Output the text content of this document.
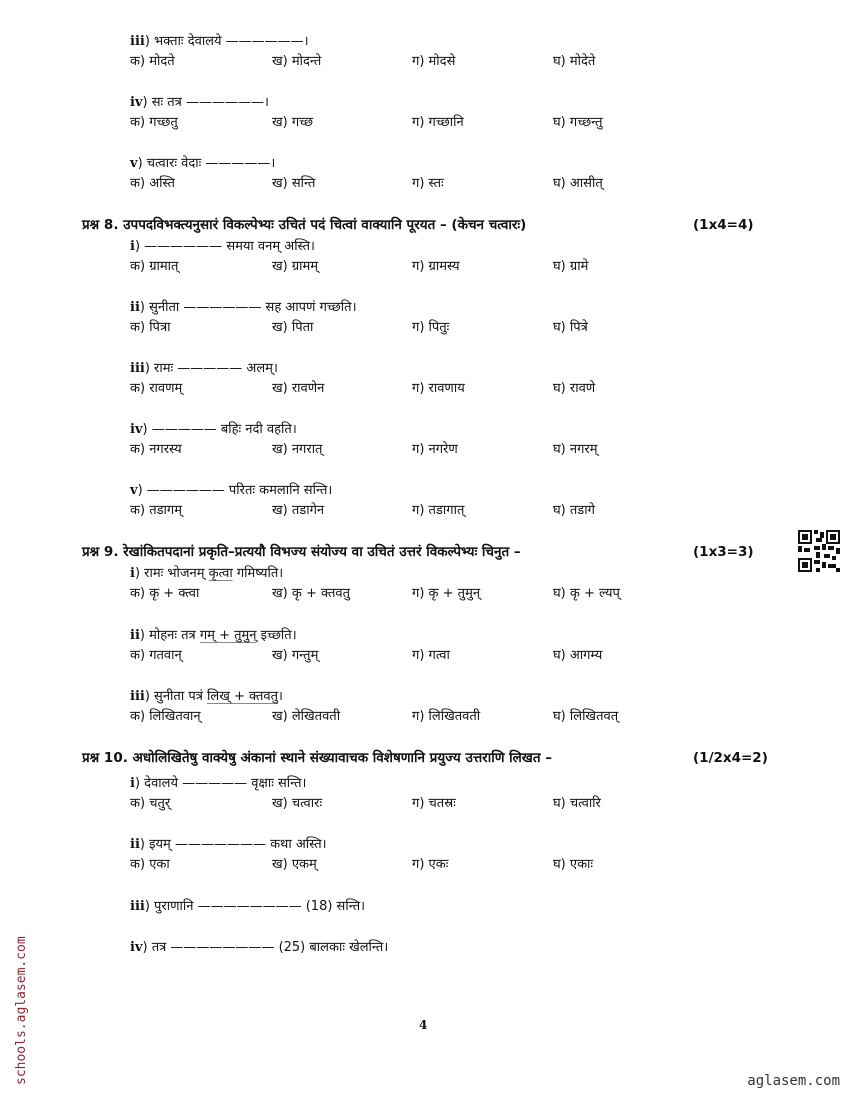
iii) भक्ताः देवालये ——————।
क) मोदते	ख) मोदन्ते	ग) मोदसे	घ) मोदेते
iv) सः तत्र ——————।
क) गच्छतु	ख) गच्छ	ग) गच्छानि	घ) गच्छन्तु
v) चत्वारः वेदाः —————।
क) अस्ति	ख) सन्ति	ग) स्तः	घ) आसीत्
प्रश्न 8. उपपदविभक्त्यनुसारं विकल्पेभ्यः उचितं पदं चित्वां वाक्यानि पूरयत – (केचन चत्वारः)	(1x4=4)
i) —————— समया वनम् अस्ति।
क) ग्रामात्	ख) ग्रामम्	ग) ग्रामस्य	घ) ग्रामे
ii) सुनीता —————— सह आपणं गच्छति।
क) पित्रा	ख) पिता	ग) पितुः	घ) पित्रे
iii) रामः ————— अलम्।
क) रावणम्	ख) रावणेन	ग) रावणाय	घ) रावणे
iv) ————— बहिः नदी वहति।
क) नगरस्य	ख) नगरात्	ग) नगरेण	घ) नगरम्
v) —————— परितः कमलानि सन्ति।
क) तडागम्	ख) तडागेन	ग) तडागात्	घ) तडागे
प्रश्न 9. रेखांकितपदानां प्रकृति–प्रत्ययौ विभज्य संयोज्य वा उचितं उत्तरं विकल्पेभ्यः चिनुत –	(1x3=3)
i) रामः भोजनम् कृत्वा गमिष्यति।
क) कृ + क्त्वा	ख) कृ + क्तवतु	ग) कृ + तुमुन्	घ) कृ + ल्यप्
ii) मोहनः तत्र गम् + तुमुन् इच्छति।
क) गतवान्	ख) गन्तुम्	ग) गत्वा	घ) आगम्य
iii) सुनीता पत्रं लिख् + क्तवतु।
क) लिखितवान्	ख) लेखितवती	ग) लिखितवती	घ) लिखितवत्
प्रश्न 10. अधोलिखितेषु वाक्येषु अंकानां स्थाने संख्यावाचक विशेषणानि प्रयुज्य उत्तराणि लिखत –	(1/2x4=2)
i) देवालये ————— वृक्षाः सन्ति।
क) चतुर्	ख) चत्वारः	ग) चतस्रः	घ) चत्वारि
ii) इयम् ——————— कथा अस्ति।
क) एका	ख) एकम्	ग) एकः	घ) एकाः
iii) पुराणानि ———————— (18) सन्ति।
iv) तत्र ———————— (25) बालकाः खेलन्ति।
4
aglasem.com
schools.aglasem.com
